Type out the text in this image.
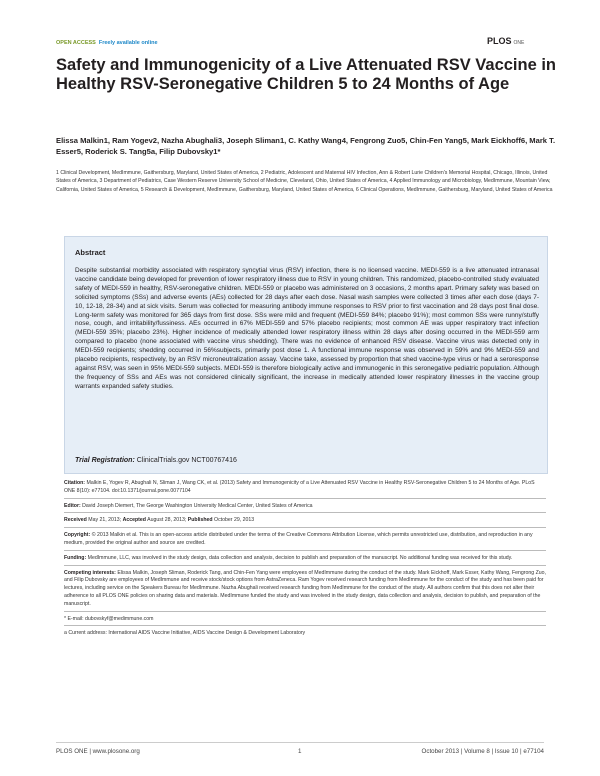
OPEN ACCESS Freely available online	PLOS ONE
Safety and Immunogenicity of a Live Attenuated RSV Vaccine in Healthy RSV-Seronegative Children 5 to 24 Months of Age
Elissa Malkin1, Ram Yogev2, Nazha Abughali3, Joseph Sliman1, C. Kathy Wang4, Fengrong Zuo5, Chin-Fen Yang5, Mark Eickhoff6, Mark T. Esser5, Roderick S. Tang5a, Filip Dubovsky1*
1 Clinical Development, MedImmune, Gaithersburg, Maryland, United States of America, 2 Pediatric, Adolescent and Maternal HIV Infection, Ann & Robert Lurie Children's Memorial Hospital, Chicago, Illinois, United States of America, 3 Department of Pediatrics, Case Western Reserve University School of Medicine, Cleveland, Ohio, United States of America, 4 Applied Immunology and Microbiology, MedImmune, Mountain View, California, United States of America, 5 Research & Development, MedImmune, Gaithersburg, Maryland, United States of America, 6 Clinical Operations, MedImmune, Gaithersburg, Maryland, United States of America
Abstract
Despite substantial morbidity associated with respiratory syncytial virus (RSV) infection, there is no licensed vaccine. MEDI-559 is a live attenuated intranasal vaccine candidate being developed for prevention of lower respiratory illness due to RSV in young children. This randomized, placebo-controlled study evaluated safety of MEDI-559 in healthy, RSV-seronegative children. MEDI-559 or placebo was administered on 3 occasions, 2 months apart. Primary safety was based on solicited symptoms (SSs) and adverse events (AEs) collected for 28 days after each dose. Nasal wash samples were collected 3 times after each dose (days 7-10, 12-18, 28-34) and at sick visits. Serum was collected for measuring antibody immune responses to RSV prior to first vaccination and 28 days post final dose. Long-term safety was monitored for 365 days from first dose. SSs were mild and frequent (MEDI-559 84%; placebo 91%); most common SSs were runny/stuffy nose, cough, and irritability/fussiness. AEs occurred in 67% MEDI-559 and 57% placebo recipients; most common AE was upper respiratory tract infection (MEDI-559 35%; placebo 23%). Higher incidence of medically attended lower respiratory illness within 28 days after dosing occurred in the MEDI-559 arm compared to placebo (none associated with vaccine virus shedding). There was no evidence of enhanced RSV disease. Vaccine virus was detected only in MEDI-559 recipients; shedding occurred in 56%subjects, primarily post dose 1. A functional immune response was observed in 59% and 9% MEDI-559 and placebo recipients, respectively, by an RSV microneutralization assay. Vaccine take, assessed by proportion that shed vaccine-type virus or had a seroresponse against RSV, was seen in 95% MEDI-559 subjects. MEDI-559 is therefore biologically active and immunogenic in this seronegative pediatric population. Although the frequency of SSs and AEs was not considered clinically significant, the increase in medically attended lower respiratory illnesses in the vaccine group warrants expanded safety studies.
Trial Registration: ClinicalTrials.gov NCT00767416

Citation: Malkin E, Yogev R, Abughali N, Sliman J, Wang CK, et al. (2013) Safety and Immunogenicity of a Live Attenuated RSV Vaccine in Healthy RSV-Seronegative Children 5 to 24 Months of Age. PLoS ONE 8(10): e77104. doi:10.1371/journal.pone.0077104

Editor: David Joseph Diemert, The George Washington University Medical Center, United States of America

Received May 21, 2013; Accepted August 28, 2013; Published October 29, 2013

Copyright: © 2013 Malkin et al. This is an open-access article distributed under the terms of the Creative Commons Attribution License, which permits unrestricted use, distribution, and reproduction in any medium, provided the original author and source are credited.

Funding: MedImmune, LLC, was involved in the study design, data collection and analysis, decision to publish and preparation of the manuscript. No additional funding was received for this study.

Competing interests: Elissa Malkin, Joseph Sliman, Roderick Tang, and Chin-Fen Yang were employees of MedImmune during the conduct of the study. Mark Eickhoff, Mark Esser, Kathy Wang, Fengrong Zuo, and Filip Dubovsky are employees of MedImmune and receive stock/stock options from AstraZeneca. Ram Yogev received research funding from MedImmune for the conduct of the study and has been paid for lectures, including service on the Speakers Bureau for MedImmune. Nazha Abughali received research funding from MedImmune for the conduct of the study. All authors confirm that this does not alter their adherence to all PLOS ONE policies on sharing data and materials. MedImmune funded the study and was involved in the study design, data collection and analysis, decision to publish, and preparation of the manuscript.

* E-mail: dubovskyf@medimmune.com

a Current address: International AIDS Vaccine Initiative, AIDS Vaccine Design & Development Laboratory

PLOS ONE | www.plosone.org	1	October 2013 | Volume 8 | Issue 10 | e77104
